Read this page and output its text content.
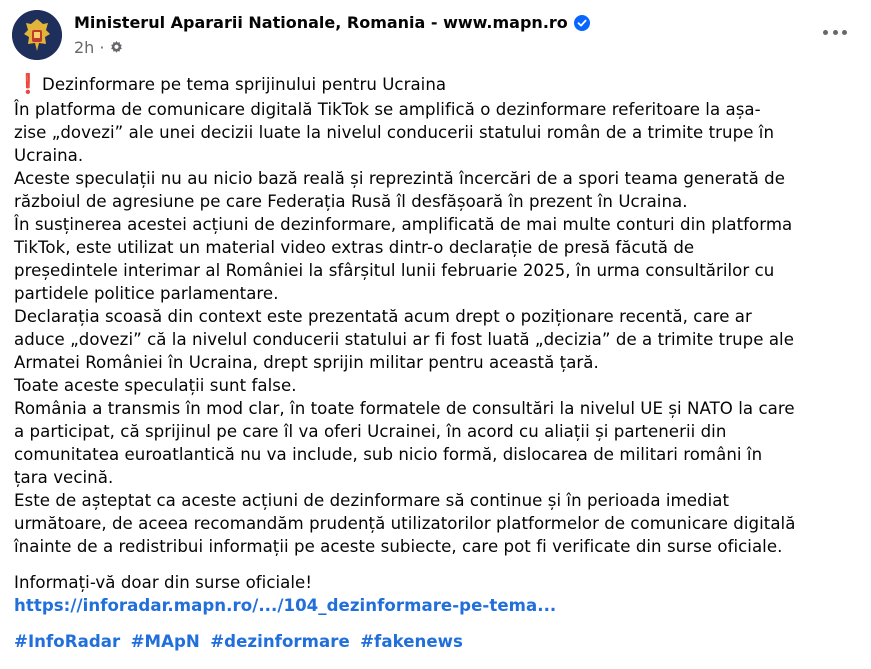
Ministerul Apararii Nationale, Romania - www.mapn.ro
2h ·
❗ Dezinformare pe tema sprijinului pentru Ucraina

În platforma de comunicare digitală TikTok se amplifică o dezinformare referitoare la așa-

zise „dovezi” ale unei decizii luate la nivelul conducerii statului român de a trimite trupe în

Ucraina.

Aceste speculații nu au nicio bază reală și reprezintă încercări de a spori teama generată de

războiul de agresiune pe care Federația Rusă îl desfășoară în prezent în Ucraina.

În susținerea acestei acțiuni de dezinformare, amplificată de mai multe conturi din platforma

TikTok, este utilizat un material video extras dintr-o declarație de presă făcută de

președintele interimar al României la sfârșitul lunii februarie 2025, în urma consultărilor cu

partidele politice parlamentare.

Declarația scoasă din context este prezentată acum drept o poziționare recentă, care ar

aduce „dovezi” că la nivelul conducerii statului ar fi fost luată „decizia” de a trimite trupe ale

Armatei României în Ucraina, drept sprijin militar pentru această țară.

Toate aceste speculații sunt false.

România a transmis în mod clar, în toate formatele de consultări la nivelul UE și NATO la care

a participat, că sprijinul pe care îl va oferi Ucrainei, în acord cu aliații și partenerii din

comunitatea euroatlantică nu va include, sub nicio formă, dislocarea de militari români în

țara vecină.

Este de așteptat ca aceste acțiuni de dezinformare să continue și în perioada imediat

următoare, de aceea recomandăm prudență utilizatorilor platformelor de comunicare digitală

înainte de a redistribui informații pe aceste subiecte, care pot fi verificate din surse oficiale.

Informați-vă doar din surse oficiale!

https://inforadar.mapn.ro/.../104_dezinformare-pe-tema...

#InfoRadar #MApN #dezinformare #fakenews
